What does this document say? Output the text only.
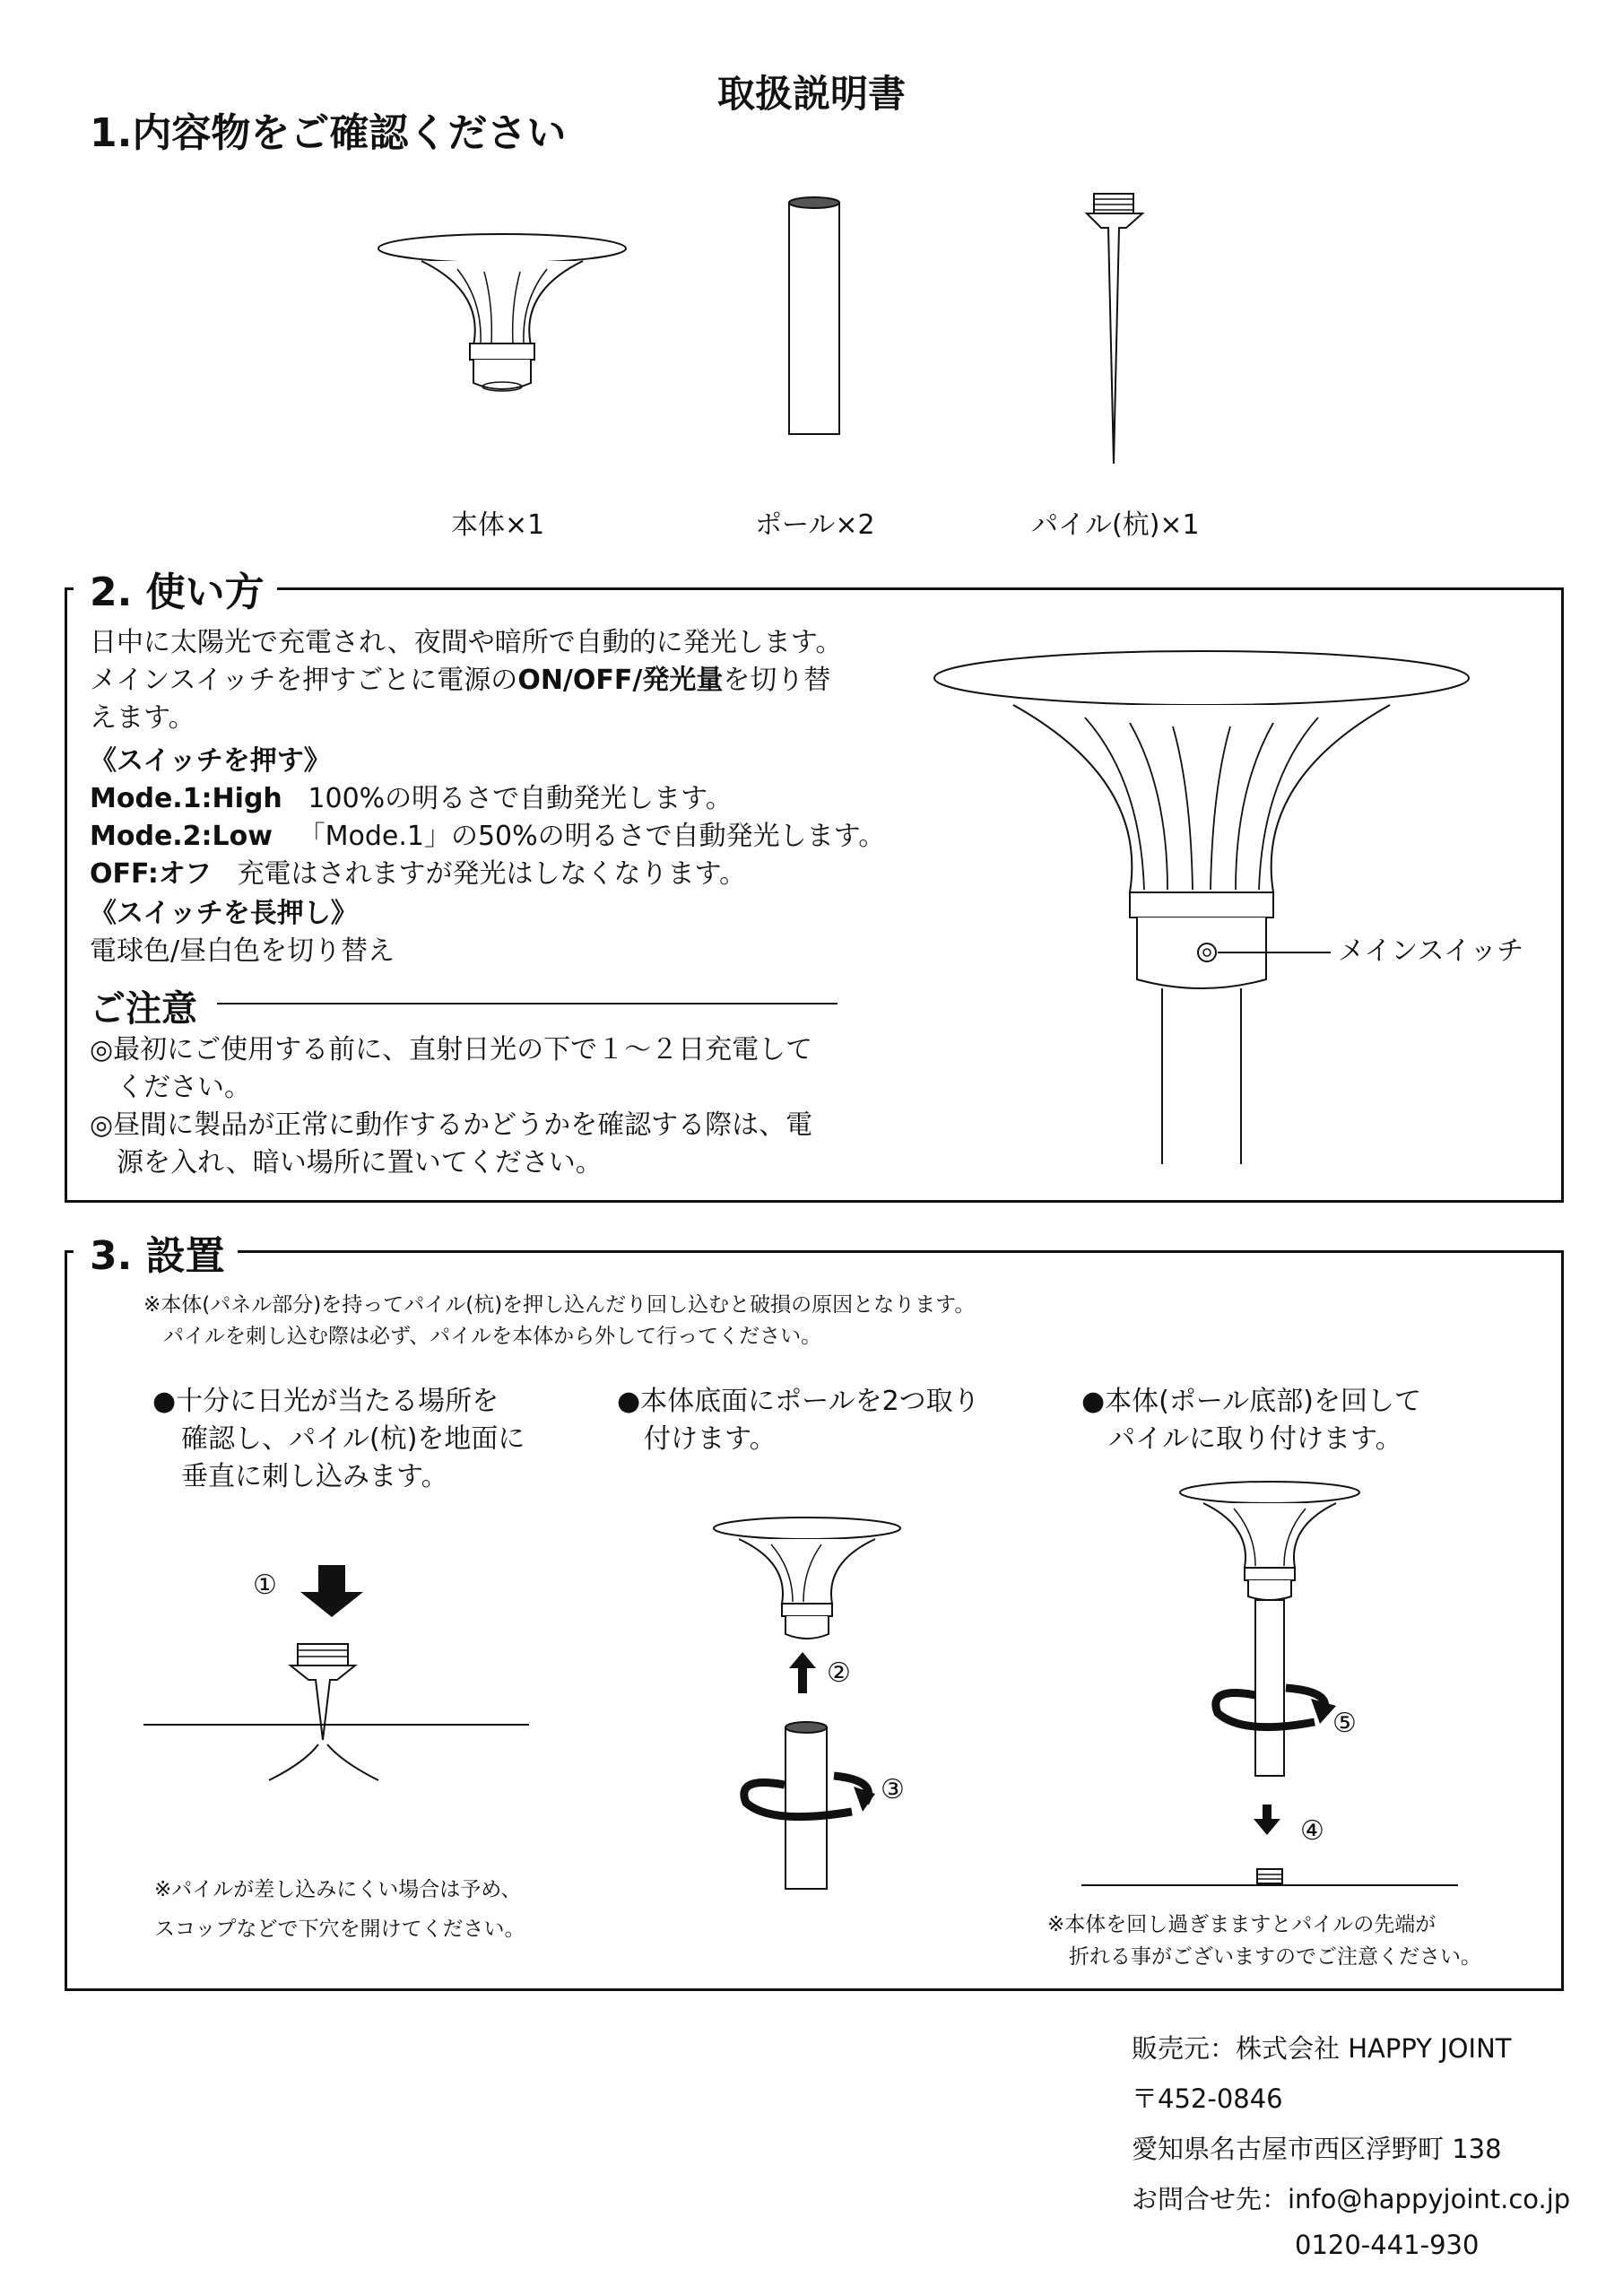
取扱説明書
1.内容物をご確認ください
本体×1	ポール×2	パイル(杭)×1
2. 使い方
日中に太陽光で充電され、夜間や暗所で自動的に発光します。
メインスイッチを押すごとに電源のON/OFF/発光量を切り替
えます。
《スイッチを押す》
Mode.1:High 100%の明るさで自動発光します。
Mode.2:Low 「Mode.1」の50%の明るさで自動発光します。
OFF:オフ 充電はされますが発光はしなくなります。
《スイッチを長押し》
電球色/昼白色を切り替え
ご注意
◎最初にご使用する前に、直射日光の下で１～２日充電して
ください。
◎昼間に製品が正常に動作するかどうかを確認する際は、電
源を入れ、暗い場所に置いてください。
メインスイッチ
3. 設置
※本体(パネル部分)を持ってパイル(杭)を押し込んだり回し込むと破損の原因となります。
パイルを刺し込む際は必ず、パイルを本体から外して行ってください。
●十分に日光が当たる場所を
確認し、パイル(杭)を地面に
垂直に刺し込みます。
●本体底面にポールを2つ取り
付けます。
●本体(ポール底部)を回して
パイルに取り付けます。
①
②
③
⑤
④
※パイルが差し込みにくい場合は予め、
スコップなどで下穴を開けてください。	※本体を回し過ぎまますとパイルの先端が
折れる事がございますのでご注意ください。
販売元：株式会社 HAPPY JOINT
〒452-0846
愛知県名古屋市西区浮野町 138
お問合せ先：info@happyjoint.co.jp
0120-441-930
